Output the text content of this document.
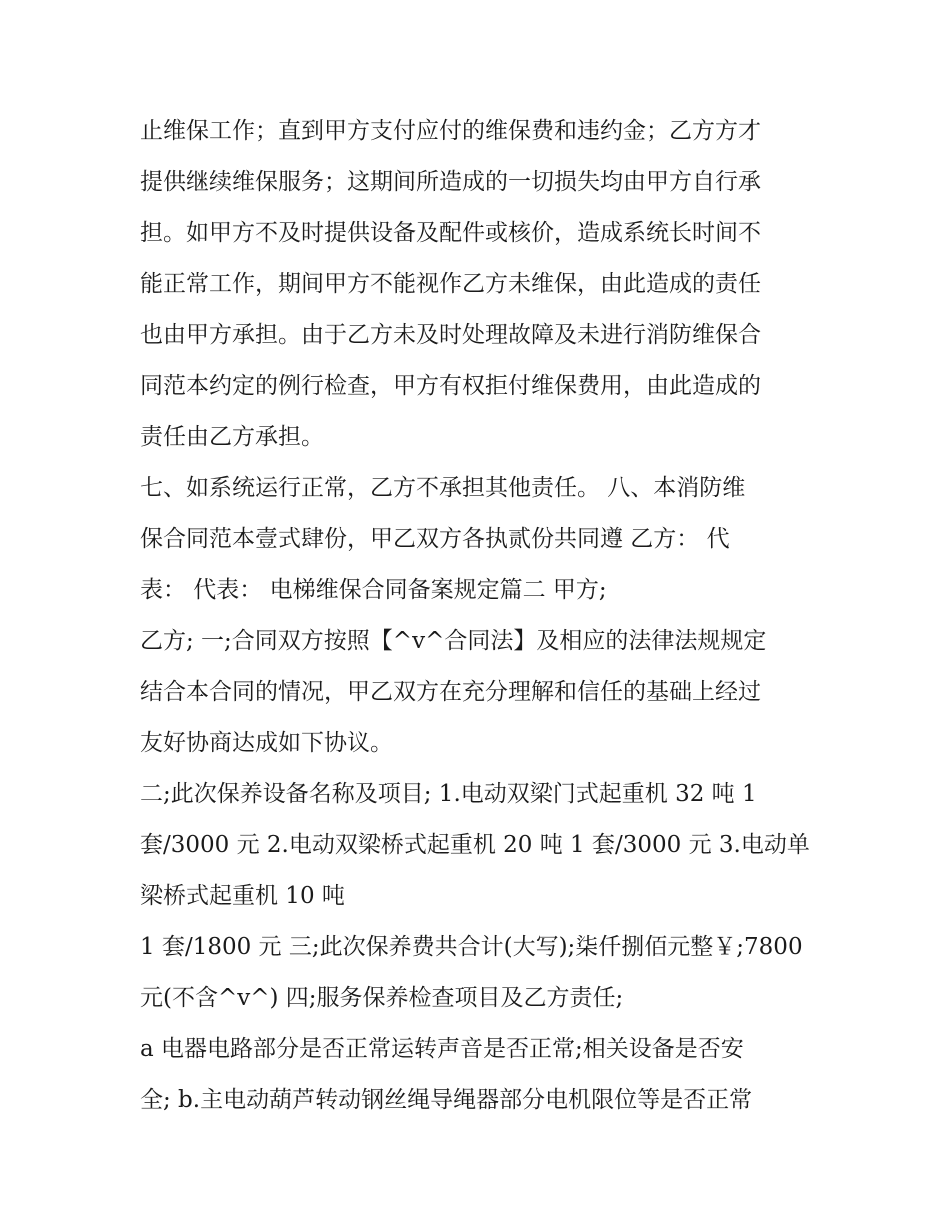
止维保工作；直到甲方支付应付的维保费和违约金；乙方方才
提供继续维保服务；这期间所造成的一切损失均由甲方自行承
担。如甲方不及时提供设备及配件或核价，造成系统长时间不
能正常工作，期间甲方不能视作乙方未维保，由此造成的责任
也由甲方承担。由于乙方未及时处理故障及未进行消防维保合
同范本约定的例行检查，甲方有权拒付维保费用，由此造成的
责任由乙方承担。
七、如系统运行正常，乙方不承担其他责任。 八、本消防维
保合同范本壹式肆份，甲乙双方各执贰份共同遵 乙方： 代
表： 代表： 电梯维保合同备案规定篇二 甲方;
乙方; 一;合同双方按照【^v^合同法】及相应的法律法规规定
结合本合同的情况，甲乙双方在充分理解和信任的基础上经过
友好协商达成如下协议。
二;此次保养设备名称及项目; 1.电动双梁门式起重机 32 吨 1
套/3000 元 2.电动双梁桥式起重机 20 吨 1 套/3000 元 3.电动单
梁桥式起重机 10 吨
1 套/1800 元 三;此次保养费共合计(大写);柒仟捌佰元整￥;7800
元(不含^v^) 四;服务保养检查项目及乙方责任;
a 电器电路部分是否正常运转声音是否正常;相关设备是否安
全; b.主电动葫芦转动钢丝绳导绳器部分电机限位等是否正常
